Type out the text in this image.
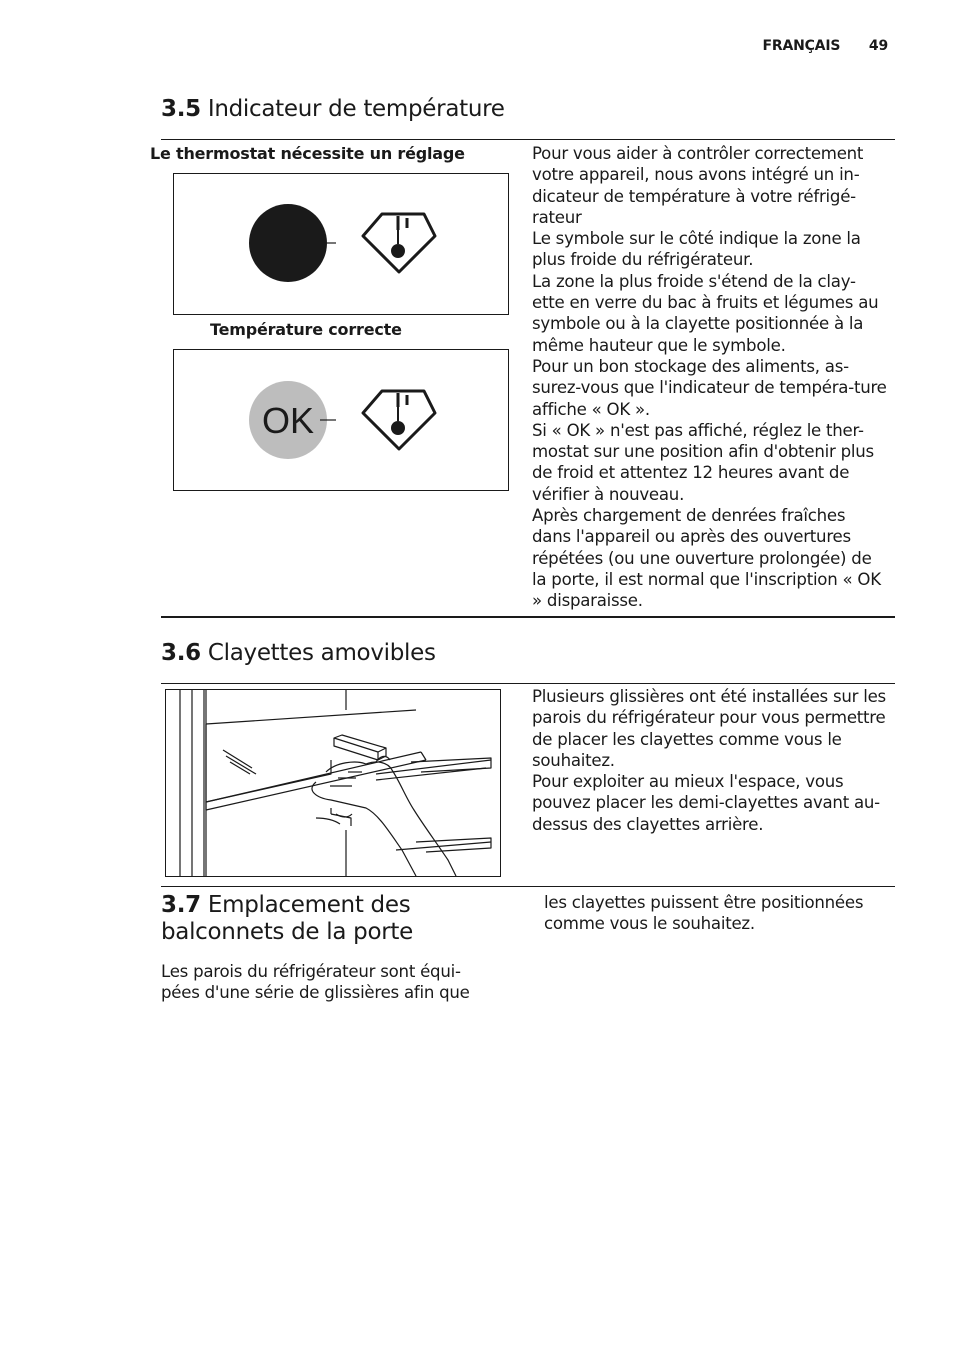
FRANÇAIS 49
3.5 Indicateur de température
Le thermostat nécessite un réglage
Température correcte
OK

Pour vous aider à contrôler correctement votre appareil, nous avons intégré un in-dicateur de température à votre réfrigé-rateur

Le symbole sur le côté indique la zone la plus froide du réfrigérateur.

La zone la plus froide s'étend de la clay-ette en verre du bac à fruits et légumes au symbole ou à la clayette positionnée à la même hauteur que le symbole.

Pour un bon stockage des aliments, as-surez-vous que l'indicateur de tempéra-ture affiche « OK ».

Si « OK » n'est pas affiché, réglez le ther-mostat sur une position afin d'obtenir plus de froid et attentez 12 heures avant de vérifier à nouveau.

Après chargement de denrées fraîches dans l'appareil ou après des ouvertures répétées (ou une ouverture prolongée) de la porte, il est normal que l'inscription « OK » disparaisse.

3.6 Clayettes amovibles

Plusieurs glissières ont été installées sur les parois du réfrigérateur pour vous permettre de placer les clayettes comme vous le souhaitez.

Pour exploiter au mieux l'espace, vous pouvez placer les demi-clayettes avant au-dessus des clayettes arrière.

3.7 Emplacement des
balconnets de la porte

Les parois du réfrigérateur sont équi-pées d'une série de glissières afin que

les clayettes puissent être positionnées comme vous le souhaitez.
